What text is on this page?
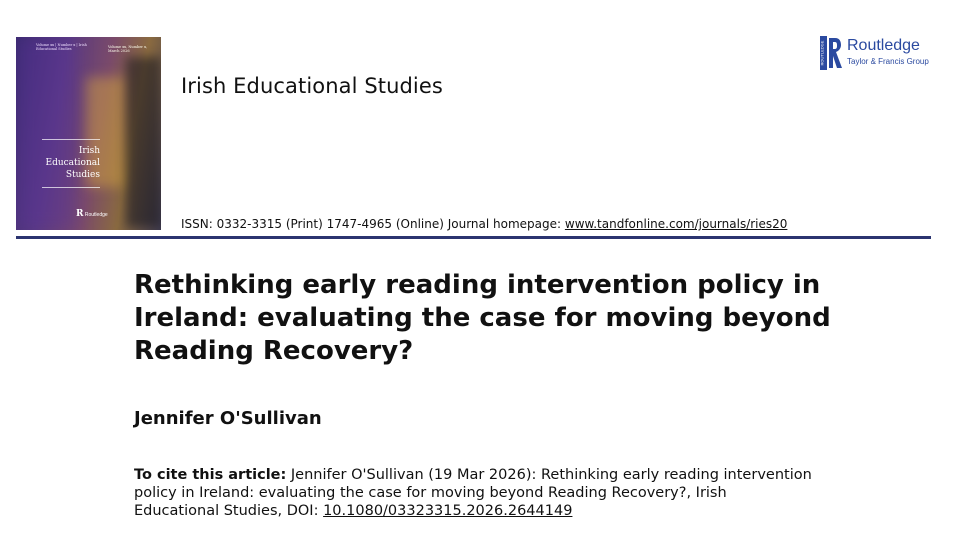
Volume xx | Number x | Irish Educational Studies	Volume xx, Number x, March 2026
Irish
Educational
Studies
R Routledge
Irish Educational Studies
ISSN: 0332-3315 (Print) 1747-4965 (Online) Journal homepage: www.tandfonline.com/journals/ries20
ROUTLEDGE Routledge
Taylor & Francis Group
Rethinking early reading intervention policy in Ireland: evaluating the case for moving beyond Reading Recovery?
Jennifer O'Sullivan
To cite this article: Jennifer O'Sullivan (19 Mar 2026): Rethinking early reading intervention policy in Ireland: evaluating the case for moving beyond Reading Recovery?, Irish Educational Studies, DOI: 10.1080/03323315.2026.2644149
